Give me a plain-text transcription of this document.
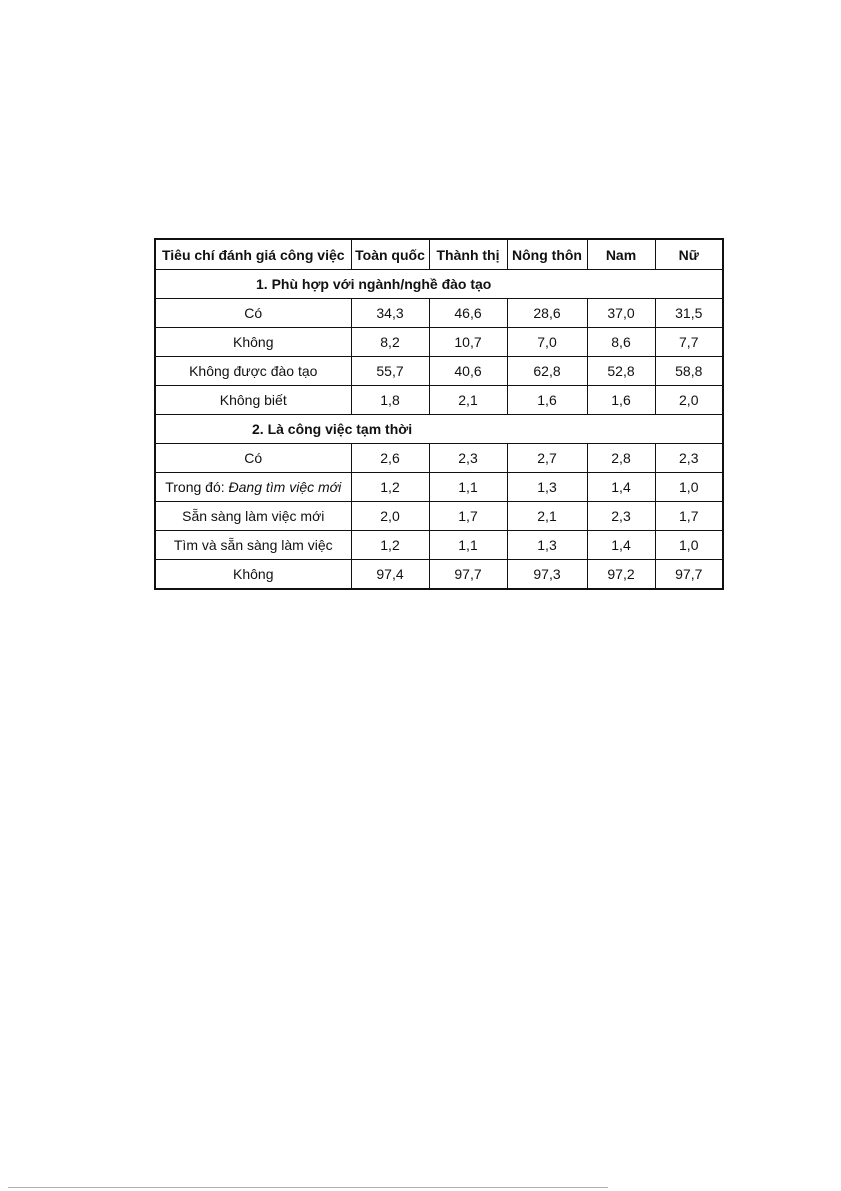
Tiêu chí đánh giá công việc	Toàn quốc	Thành thị	Nông thôn	Nam	Nữ
1. Phù hợp với ngành/nghề đào tạo					
Có	34,3	46,6	28,6	37,0	31,5
Không	8,2	10,7	7,0	8,6	7,7
Không được đào tạo	55,7	40,6	62,8	52,8	58,8
Không biết	1,8	2,1	1,6	1,6	2,0
2. Là công việc tạm thời					
Có	2,6	2,3	2,7	2,8	2,3
Trong đó: Đang tìm việc mới	1,2	1,1	1,3	1,4	1,0
Sẵn sàng làm việc mới	2,0	1,7	2,1	2,3	1,7
Tìm và sẵn sàng làm việc	1,2	1,1	1,3	1,4	1,0
Không	97,4	97,7	97,3	97,2	97,7
